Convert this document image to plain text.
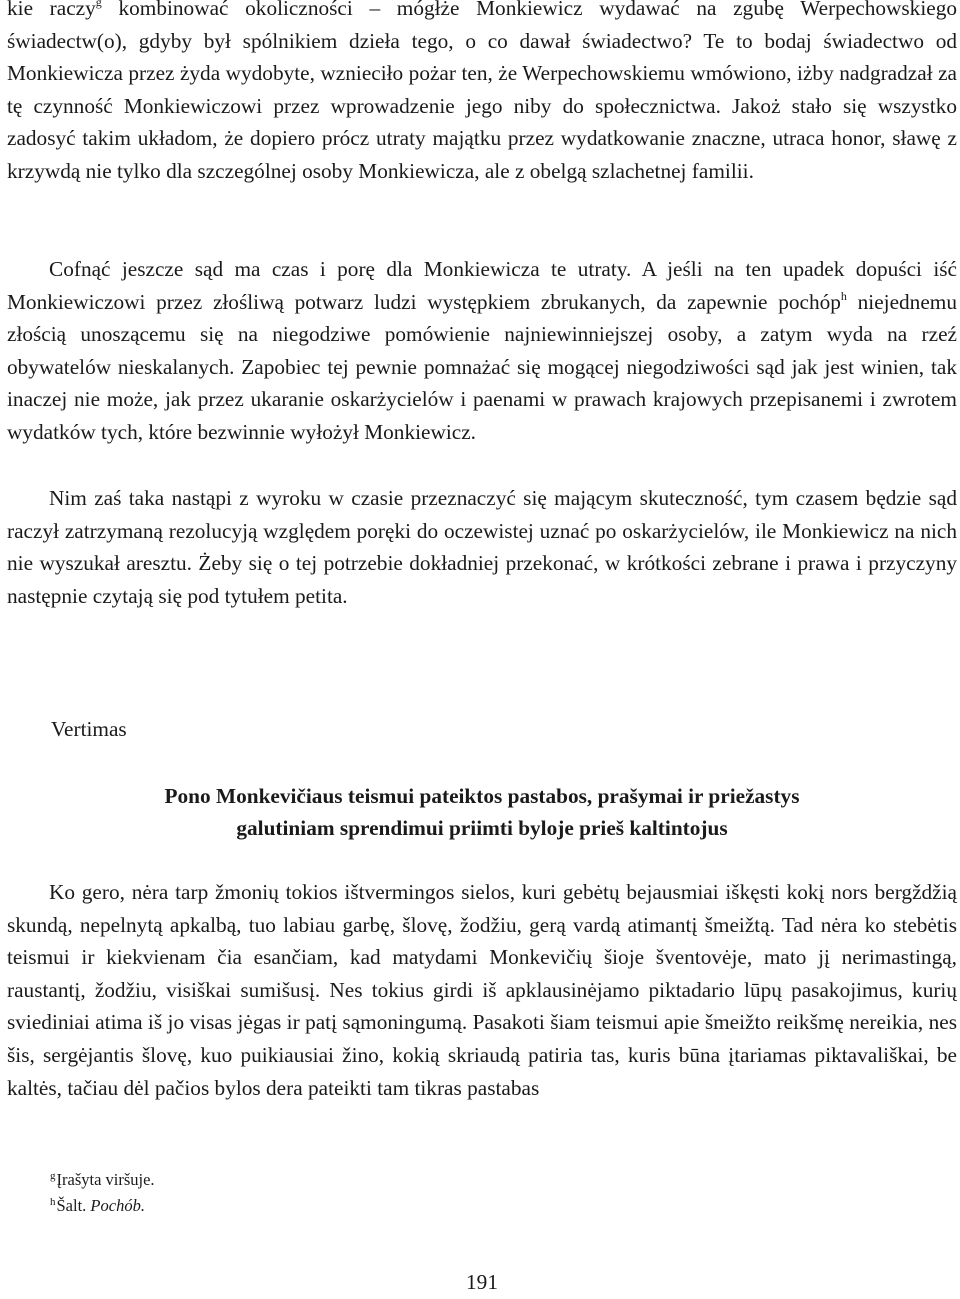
kie raczy$^g$ kombinować okoliczności – mógłże Monkiewicz wydawać na zgubę Werpechowskiego świadectw(o), gdyby był spólnikiem dzieła tego, o co dawał świadectwo? Te to bodaj świadectwo od Monkiewicza przez żyda wydobyte, wznieciło pożar ten, że Werpechowskiemu wmówiono, iżby nadgradzał za tę czynność Monkiewiczowi przez wprowadzenie jego niby do społecznictwa. Jakoż stało się wszystko zadosyć takim układom, że dopiero prócz utraty majątku przez wydatkowanie znaczne, utraca honor, sławę z krzywdą nie tylko dla szczególnej osoby Monkiewicza, ale z obelgą szlachetnej familii.

Cofnąć jeszcze sąd ma czas i porę dla Monkiewicza te utraty. A jeśli na ten upadek dopuści iść Monkiewiczowi przez złośliwą potwarz ludzi występkiem zbrukanych, da zapewnie pochóp$^h$ niejednemu złością unoszącemu się na niegodziwe pomówienie najniewinniejszej osoby, a zatym wyda na rzeź obywatelów nieskalanych. Zapobiec tej pewnie pomnażać się mogącej niegodziwości sąd jak jest winien, tak inaczej nie może, jak przez ukaranie oskarżycielów i paenami w prawach krajowych przepisanemi i zwrotem wydatków tych, które bezwinnie wyłożył Monkiewicz.

Nim zaś taka nastąpi z wyroku w czasie przeznaczyć się mającym skuteczność, tym czasem będzie sąd raczył zatrzymaną rezolucyją względem poręki do oczewistej uznać po oskarżycielów, ile Monkiewicz na nich nie wyszukał aresztu. Żeby się o tej potrzebie dokładniej przekonać, w krótkości zebrane i prawa i przyczyny następnie czytają się pod tytułem petita.

Vertimas
Pono Monkevičiaus teismui pateiktos pastabos, prašymai ir priežastys
galutiniam sprendimui priimti byloje prieš kaltintojus

Ko gero, nėra tarp žmonių tokios ištvermingos sielos, kuri gebėtų bejausmiai iškęsti kokį nors bergždžią skundą, nepelnytą apkalbą, tuo labiau garbę, šlovę, žodžiu, gerą vardą atimantį šmeižtą. Tad nėra ko stebėtis teismui ir kiekvienam čia esančiam, kad matydami Monkevičių šioje šventovėje, mato jį nerimastingą, raustantį, žodžiu, visiškai sumišusį. Nes tokius girdi iš apklausinėjamo piktadario lūpų pasakojimus, kurių sviediniai atima iš jo visas jėgas ir patį sąmoningumą. Pasakoti šiam teismui apie šmeižto reikšmę nereikia, nes šis, sergėjantis šlovę, kuo puikiausiai žino, kokią skriaudą patiria tas, kuris būna įtariamas piktavališkai, be kaltės, tačiau dėl pačios bylos dera pateikti tam tikras pastabas

$^g$Įrašyta viršuje.
$^h$Šalt. Pochób.
191
